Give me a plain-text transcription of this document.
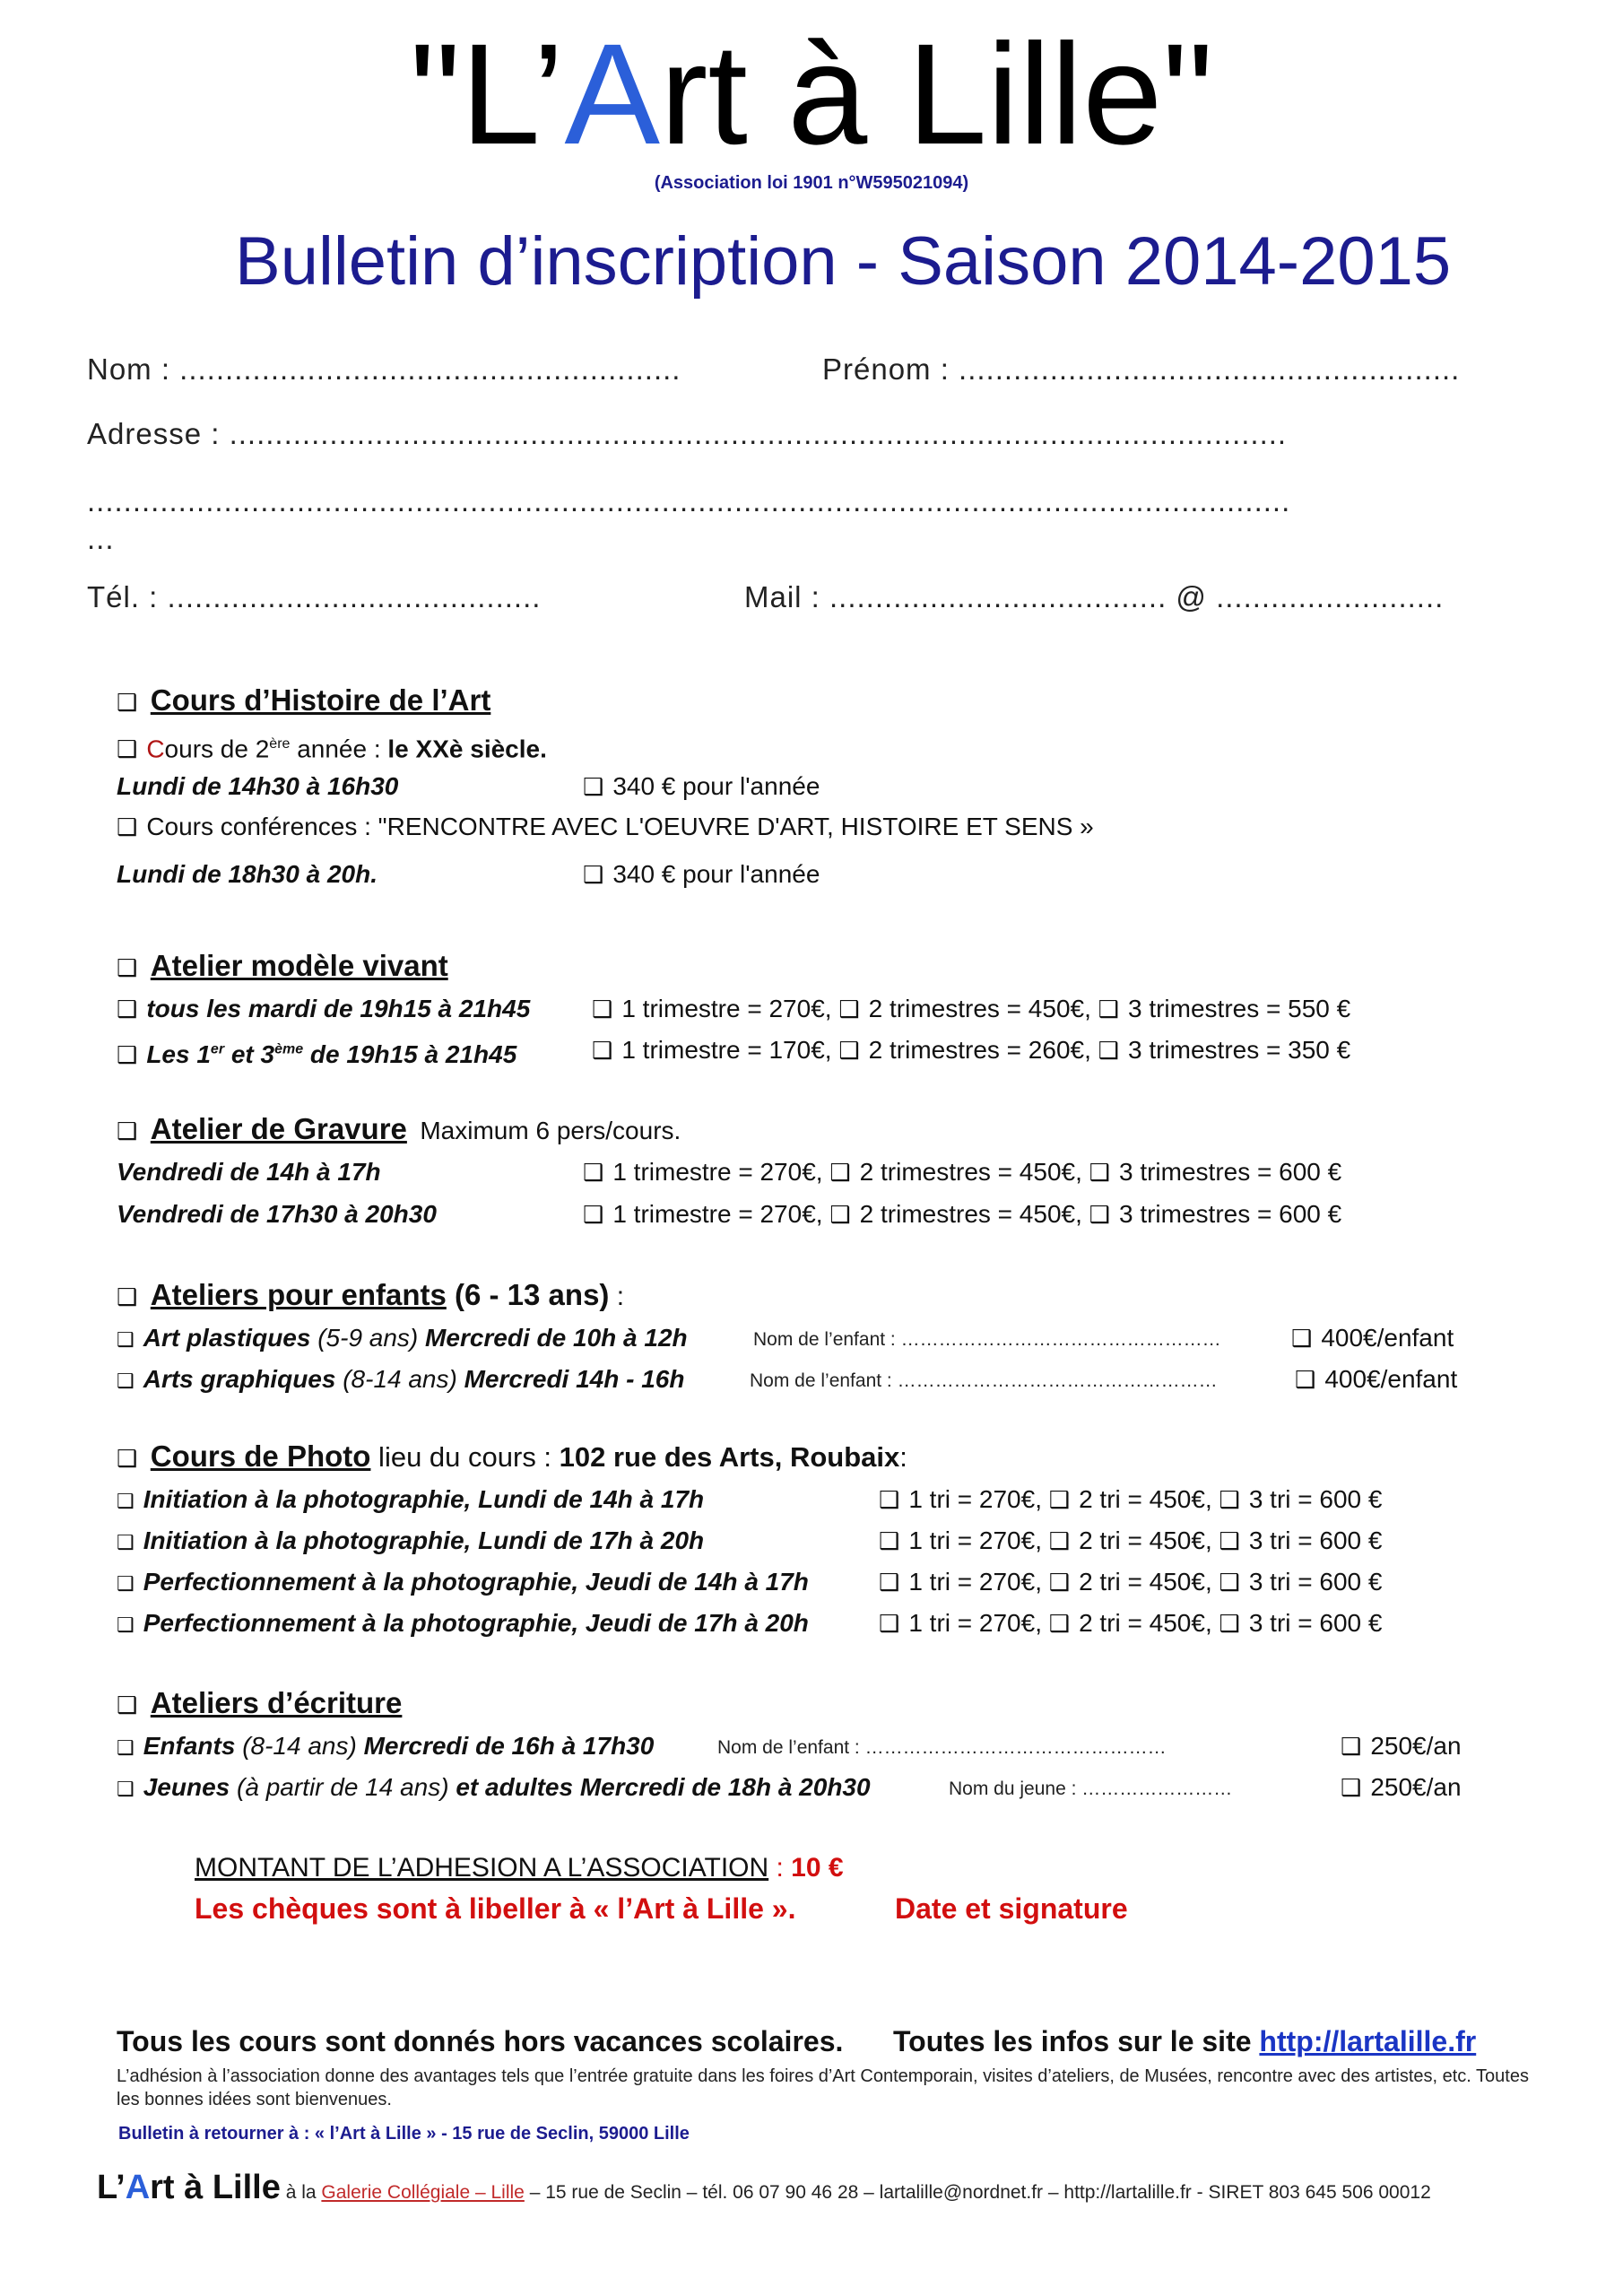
"L’Art à Lille"
(Association loi 1901 n°W595021094)
Bulletin d’inscription - Saison 2014-2015
Nom : .......................................................	Prénom : .......................................................
Adresse : ....................................................................................................................
....................................................................................................................................
...
Tél. : .........................................	Mail : ..................................... @ .........................
❑ Cours d’Histoire de l’Art
❑ Cours de 2ère année : le XXè siècle.
Lundi de 14h30 à 16h30	❑ 340 € pour l'année
❑ Cours conférences : "RENCONTRE AVEC L'OEUVRE D'ART, HISTOIRE ET SENS »
Lundi de 18h30 à 20h.	❑ 340 € pour l'année
❑ Atelier modèle vivant
❑ tous les mardi de 19h15 à 21h45	❑ 1 trimestre = 270€, ❑ 2 trimestres = 450€, ❑ 3 trimestres = 550 €
❑ Les 1er et 3ème de 19h15 à 21h45	❑ 1 trimestre = 170€, ❑ 2 trimestres = 260€, ❑ 3 trimestres = 350 €
❑ Atelier de Gravure Maximum 6 pers/cours.
Vendredi de 14h à 17h	❑ 1 trimestre = 270€, ❑ 2 trimestres = 450€, ❑ 3 trimestres = 600 €
Vendredi de 17h30 à 20h30	❑ 1 trimestre = 270€, ❑ 2 trimestres = 450€, ❑ 3 trimestres = 600 €
❑ Ateliers pour enfants (6 - 13 ans) :
❑ Art plastiques (5-9 ans) Mercredi de 10h à 12h	Nom de l’enfant : ……………………………………………	❑ 400€/enfant
❑ Arts graphiques (8-14 ans) Mercredi 14h - 16h	Nom de l’enfant : ……………………………………………	❑ 400€/enfant
❑ Cours de Photo lieu du cours : 102 rue des Arts, Roubaix:
❑ Initiation à la photographie, Lundi de 14h à 17h	❑ 1 tri = 270€, ❑ 2 tri = 450€, ❑ 3 tri = 600 €
❑ Initiation à la photographie, Lundi de 17h à 20h	❑ 1 tri = 270€, ❑ 2 tri = 450€, ❑ 3 tri = 600 €
❑ Perfectionnement à la photographie, Jeudi de 14h à 17h	❑ 1 tri = 270€, ❑ 2 tri = 450€, ❑ 3 tri = 600 €
❑ Perfectionnement à la photographie, Jeudi de 17h à 20h	❑ 1 tri = 270€, ❑ 2 tri = 450€, ❑ 3 tri = 600 €
❑ Ateliers d’écriture
❑ Enfants (8-14 ans) Mercredi de 16h à 17h30	Nom de l’enfant : …………………………………………	❑ 250€/an
❑ Jeunes (à partir de 14 ans) et adultes Mercredi de 18h à 20h30	Nom du jeune : ……………………	❑ 250€/an
MONTANT DE L’ADHESION A L’ASSOCIATION : 10 €
Les chèques sont à libeller à « l’Art à Lille ».	Date et signature
Tous les cours sont donnés hors vacances scolaires. Toutes les infos sur le site http://lartalille.fr
L’adhésion à l’association donne des avantages tels que l’entrée gratuite dans les foires d’Art Contemporain, visites d’ateliers, de Musées, rencontre avec des artistes, etc. Toutes les bonnes idées sont bienvenues.
Bulletin à retourner à : « l’Art à Lille » - 15 rue de Seclin, 59000 Lille
L’Art à Lille à la Galerie Collégiale – Lille – 15 rue de Seclin – tél. 06 07 90 46 28 – lartalille@nordnet.fr – http://lartalille.fr - SIRET 803 645 506 00012
